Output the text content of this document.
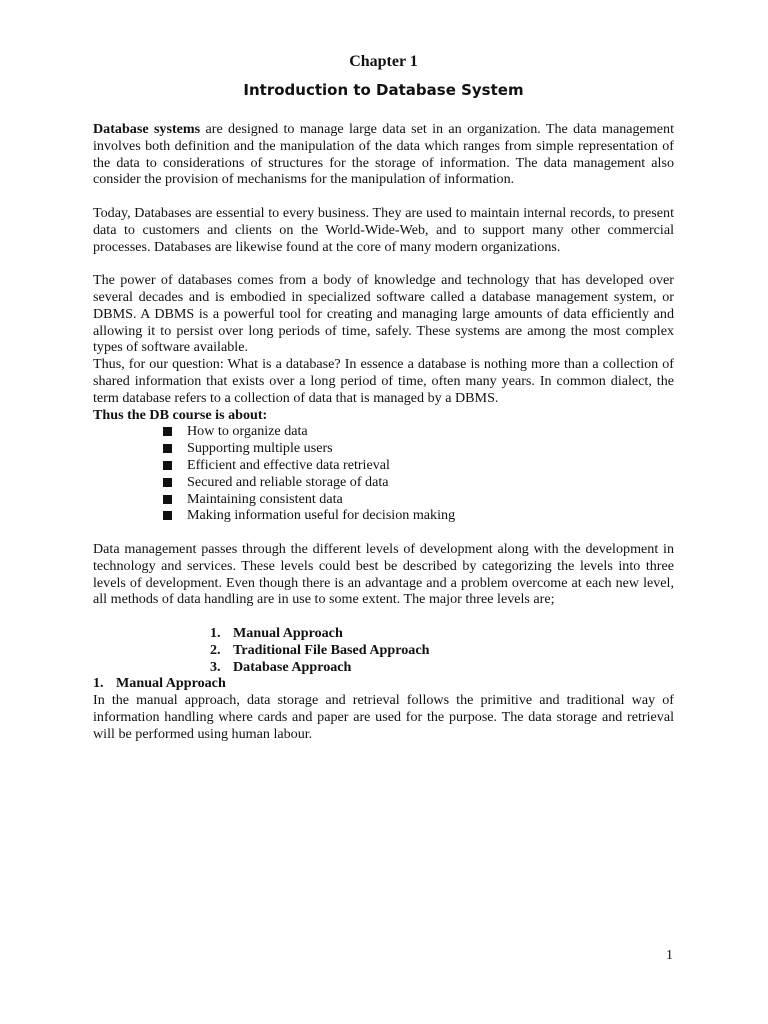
Chapter 1
Introduction to Database System

Database systems are designed to manage large data set in an organization. The data management involves both definition and the manipulation of the data which ranges from simple representation of the data to considerations of structures for the storage of information. The data management also consider the provision of mechanisms for the manipulation of information.

Today, Databases are essential to every business. They are used to maintain internal records, to present data to customers and clients on the World-Wide-Web, and to support many other commercial processes. Databases are likewise found at the core of many modern organizations.

The power of databases comes from a body of knowledge and technology that has developed over several decades and is embodied in specialized software called a database management system, or DBMS. A DBMS is a powerful tool for creating and managing large amounts of data efficiently and allowing it to persist over long periods of time, safely. These systems are among the most complex types of software available.

Thus, for our question: What is a database? In essence a database is nothing more than a collection of shared information that exists over a long period of time, often many years. In common dialect, the term database refers to a collection of data that is managed by a DBMS.

Thus the DB course is about:

How to organize data
Supporting multiple users
Efficient and effective data retrieval
Secured and reliable storage of data
Maintaining consistent data
Making information useful for decision making

Data management passes through the different levels of development along with the development in technology and services. These levels could best be described by categorizing the levels into three levels of development. Even though there is an advantage and a problem overcome at each new level, all methods of data handling are in use to some extent. The major three levels are;

1. Manual Approach
2. Traditional File Based Approach
3. Database Approach
1. Manual Approach

In the manual approach, data storage and retrieval follows the primitive and traditional way of information handling where cards and paper are used for the purpose. The data storage and retrieval will be performed using human labour.

1
